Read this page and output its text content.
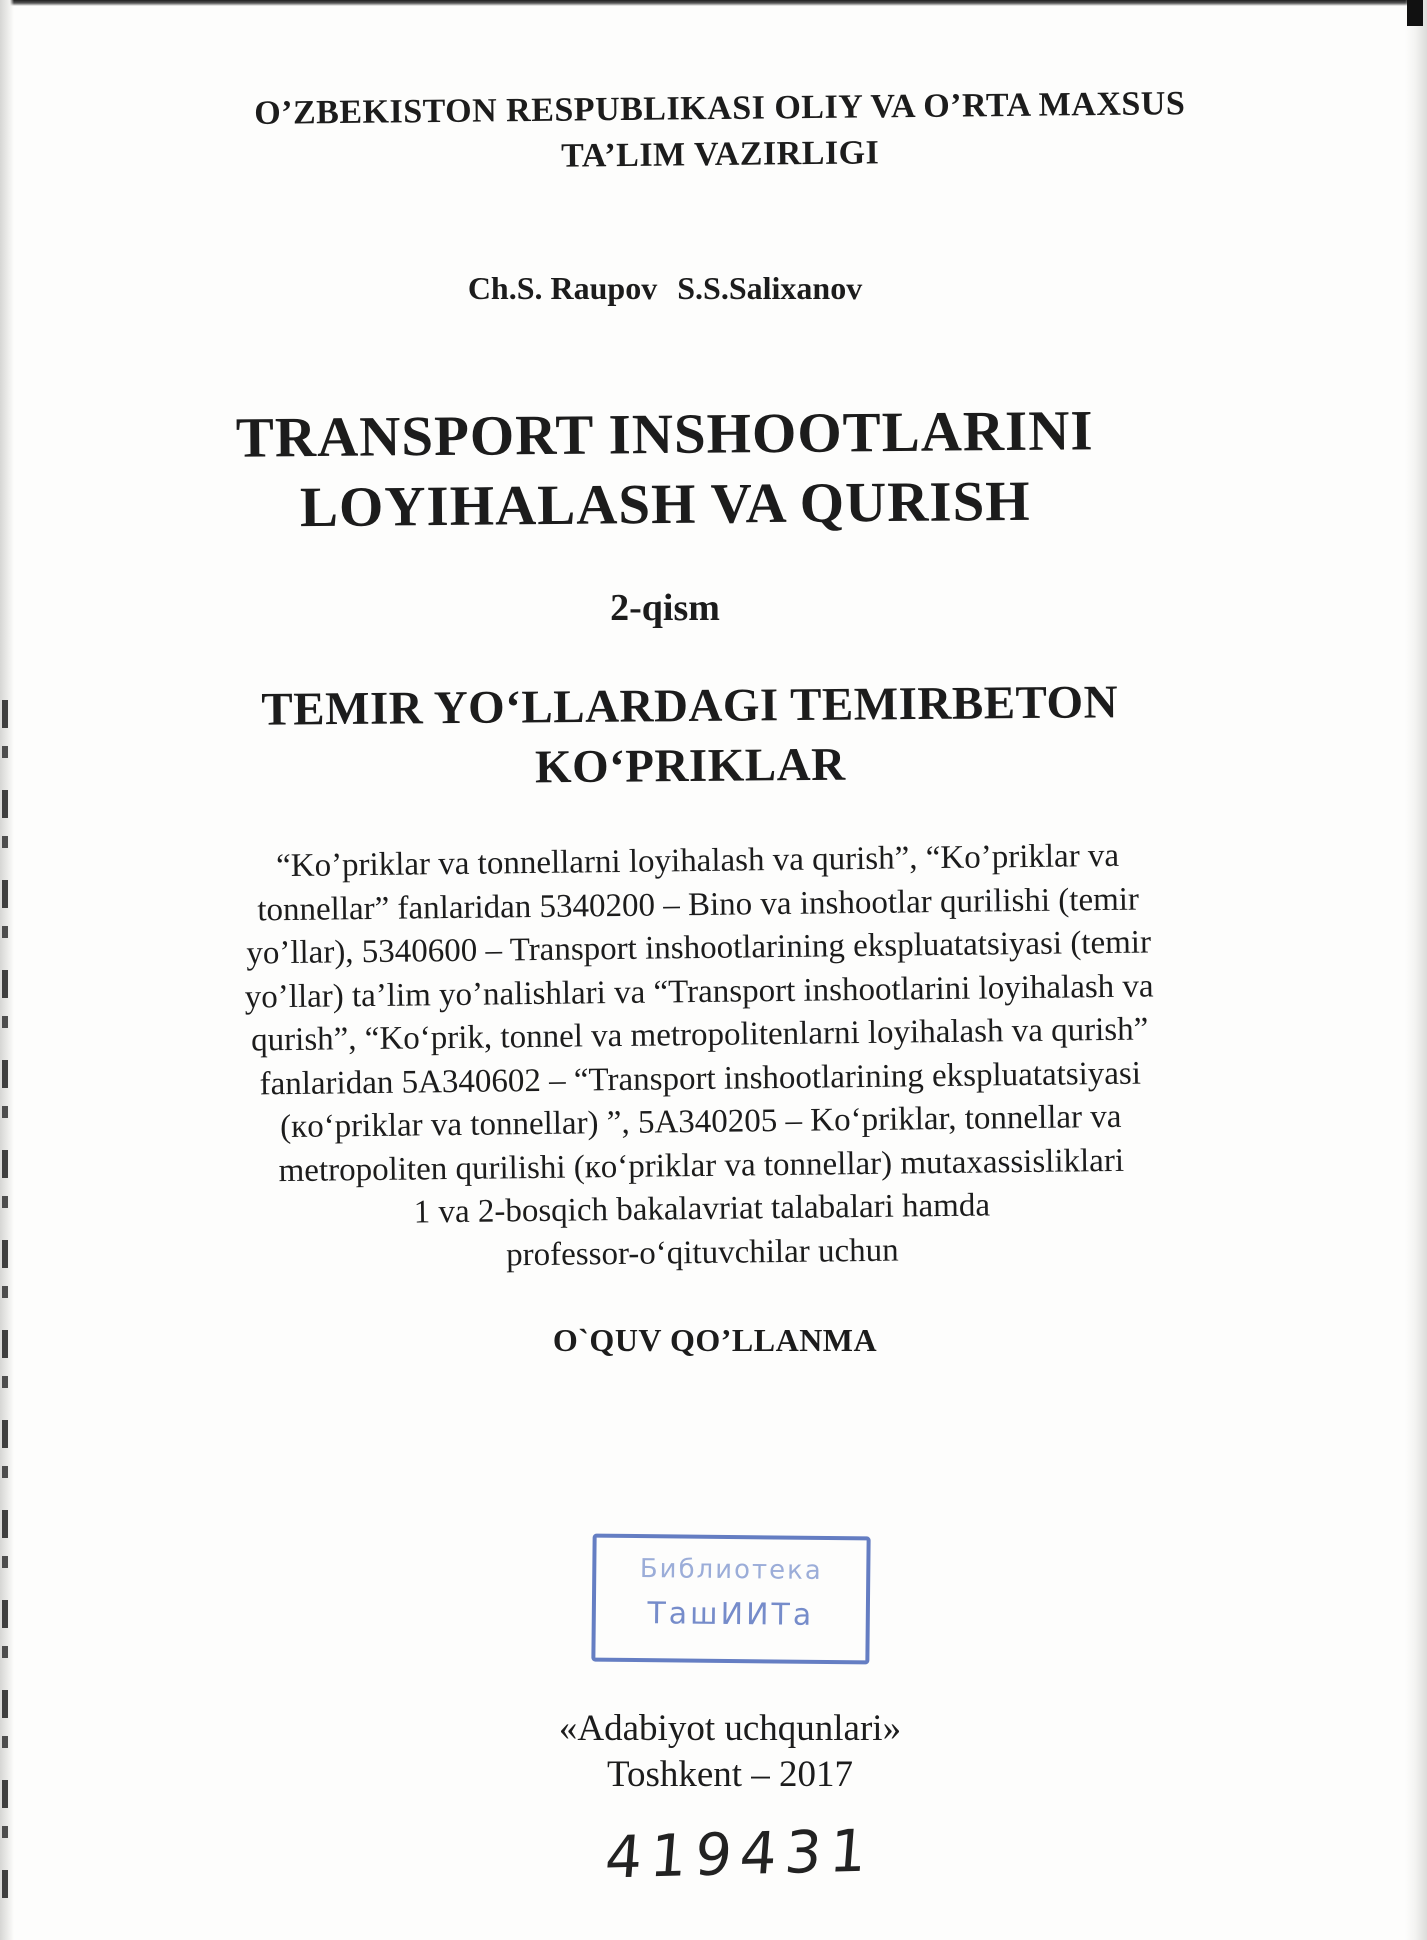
O’ZBEKISTON RESPUBLIKASI OLIY VA O’RTA MAXSUS
TA’LIM VAZIRLIGI
Ch.S. Raupov S.S.Salixanov
TRANSPORT INSHOOTLARINI
LOYIHALASH VA QURISH
2-qism
TEMIR YO‘LLARDAGI TEMIRBETON
KO‘PRIKLAR
“Ko’priklar va tonnellarni loyihalash va qurish”, “Ko’priklar va
tonnellar” fanlaridan 5340200 – Bino va inshootlar qurilishi (temir
yo’llar), 5340600 – Transport inshootlarining ekspluatatsiyasi (temir
yo’llar) ta’lim yo’nalishlari va “Transport inshootlarini loyihalash va
qurish”, “Ko‘prik, tonnel va metropolitenlarni loyihalash va qurish”
fanlaridan 5A340602 – “Transport inshootlarining ekspluatatsiyasi
(кo‘priklar va tonnellar) ”, 5A340205 – Ko‘priklar, tonnellar va
metropoliten qurilishi (кo‘priklar va tonnellar) mutaxassisliklari
1 va 2-bosqich bakalavriat talabalari hamda
professor-o‘qituvchilar uchun
O`QUV QO’LLANMA
Библиотека
ТашИИТа
«Adabiyot uchqunlari»
Toshkent – 2017
419431
